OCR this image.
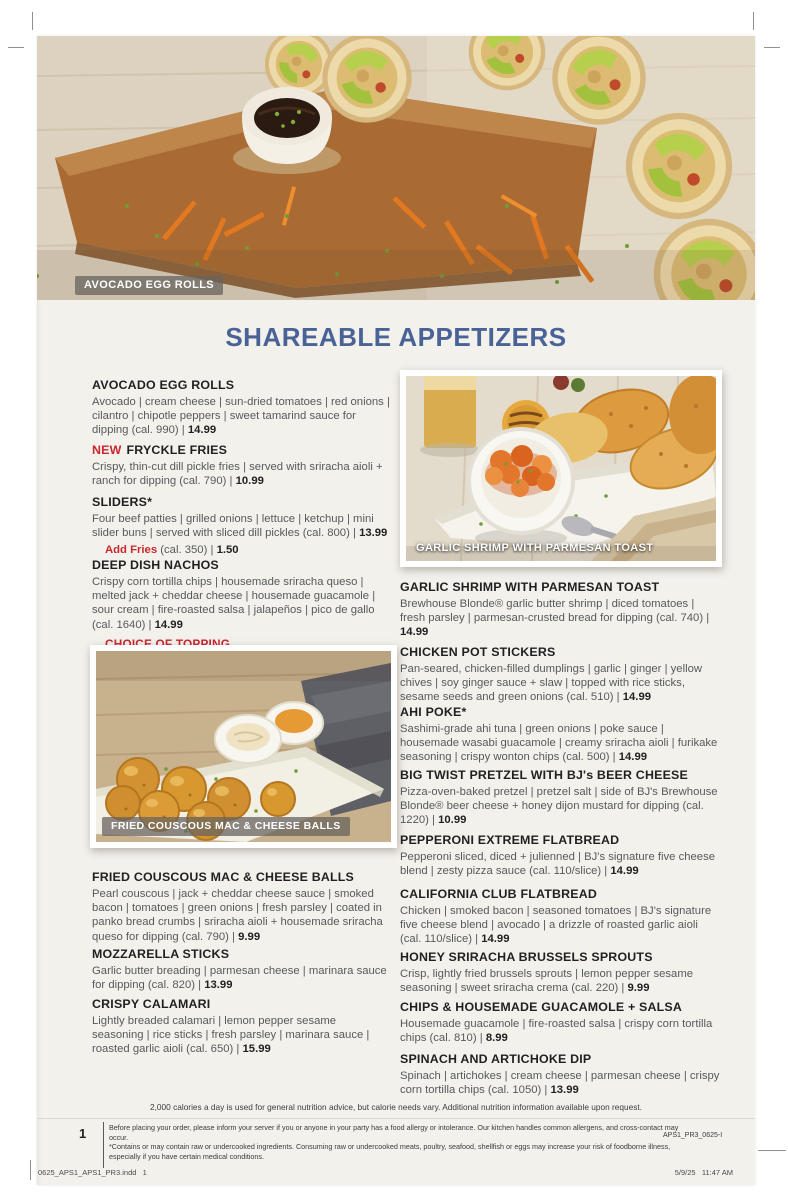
AVOCADO EGG ROLLS
SHAREABLE APPETIZERS
AVOCADO EGG ROLLS

Avocado | cream cheese | sun-dried tomatoes | red onions | cilantro | chipotle peppers | sweet tamarind sauce for dipping (cal. 990) | 14.99

NEW FRYCKLE FRIES

Crispy, thin-cut dill pickle fries | served with sriracha aioli + ranch for dipping (cal. 790) | 10.99

SLIDERS*

Four beef patties | grilled onions | lettuce | ketchup | mini slider buns | served with sliced dill pickles (cal. 800) | 13.99

Add Fries (cal. 350) | 1.50
DEEP DISH NACHOS

Crispy corn tortilla chips | housemade sriracha queso | melted jack + cheddar cheese | housemade guacamole | sour cream | fire-roasted salsa | jalapeños | pico de gallo (cal. 1640) | 14.99

CHOICE OF TOPPING
FRIED COUSCOUS MAC & CHEESE BALLS

Pearl couscous | jack + cheddar cheese sauce | smoked bacon | tomatoes | green onions | fresh parsley | coated in panko bread crumbs | sriracha aioli + housemade sriracha queso for dipping (cal. 790) | 9.99

MOZZARELLA STICKS

Garlic butter breading | parmesan cheese | marinara sauce for dipping (cal. 820) | 13.99

CRISPY CALAMARI

Lightly breaded calamari | lemon pepper sesame seasoning | rice sticks | fresh parsley | marinara sauce | roasted garlic aioli (cal. 650) | 15.99

FRIED COUSCOUS MAC & CHEESE BALLS
GARLIC SHRIMP WITH PARMESAN TOAST
GARLIC SHRIMP WITH PARMESAN TOAST

Brewhouse Blonde® garlic butter shrimp | diced tomatoes | fresh parsley | parmesan-crusted bread for dipping (cal. 740) | 14.99

CHICKEN POT STICKERS

Pan-seared, chicken-filled dumplings | garlic | ginger | yellow chives | soy ginger sauce + slaw | topped with rice sticks, sesame seeds and green onions (cal. 510) | 14.99

AHI POKE*

Sashimi-grade ahi tuna | green onions | poke sauce | housemade wasabi guacamole | creamy sriracha aioli | furikake seasoning | crispy wonton chips (cal. 500) | 14.99

BIG TWIST PRETZEL WITH BJ's BEER CHEESE

Pizza-oven-baked pretzel | pretzel salt | side of BJ's Brewhouse Blonde® beer cheese + honey dijon mustard for dipping (cal. 1220) | 10.99

PEPPERONI EXTREME FLATBREAD

Pepperoni sliced, diced + julienned | BJ's signature five cheese blend | zesty pizza sauce (cal. 110/slice) | 14.99

CALIFORNIA CLUB FLATBREAD

Chicken | smoked bacon | seasoned tomatoes | BJ's signature five cheese blend | avocado | a drizzle of roasted garlic aioli (cal. 110/slice) | 14.99

HONEY SRIRACHA BRUSSELS SPROUTS

Crisp, lightly fried brussels sprouts | lemon pepper sesame seasoning | sweet sriracha crema (cal. 220) | 9.99

CHIPS & HOUSEMADE GUACAMOLE + SALSA

Housemade guacamole | fire-roasted salsa | crispy corn tortilla chips (cal. 810) | 8.99

SPINACH AND ARTICHOKE DIP

Spinach | artichokes | cream cheese | parmesan cheese | crispy corn tortilla chips (cal. 1050) | 13.99

2,000 calories a day is used for general nutrition advice, but calorie needs vary. Additional nutrition information available upon request.
1	Before placing your order, please inform your server if you or anyone in your party has a food allergy or intolerance. Our kitchen handles common allergens, and cross-contact may occur.

*Contains or may contain raw or undercooked ingredients. Consuming raw or undercooked meats, poultry, seafood, shellfish or eggs may increase your risk of foodborne illness, especially if you have certain medical conditions.

APS1_PR3_0625-I
0625_APS1_APS1_PR3.indd   1	5/9/25   11:47 AM
